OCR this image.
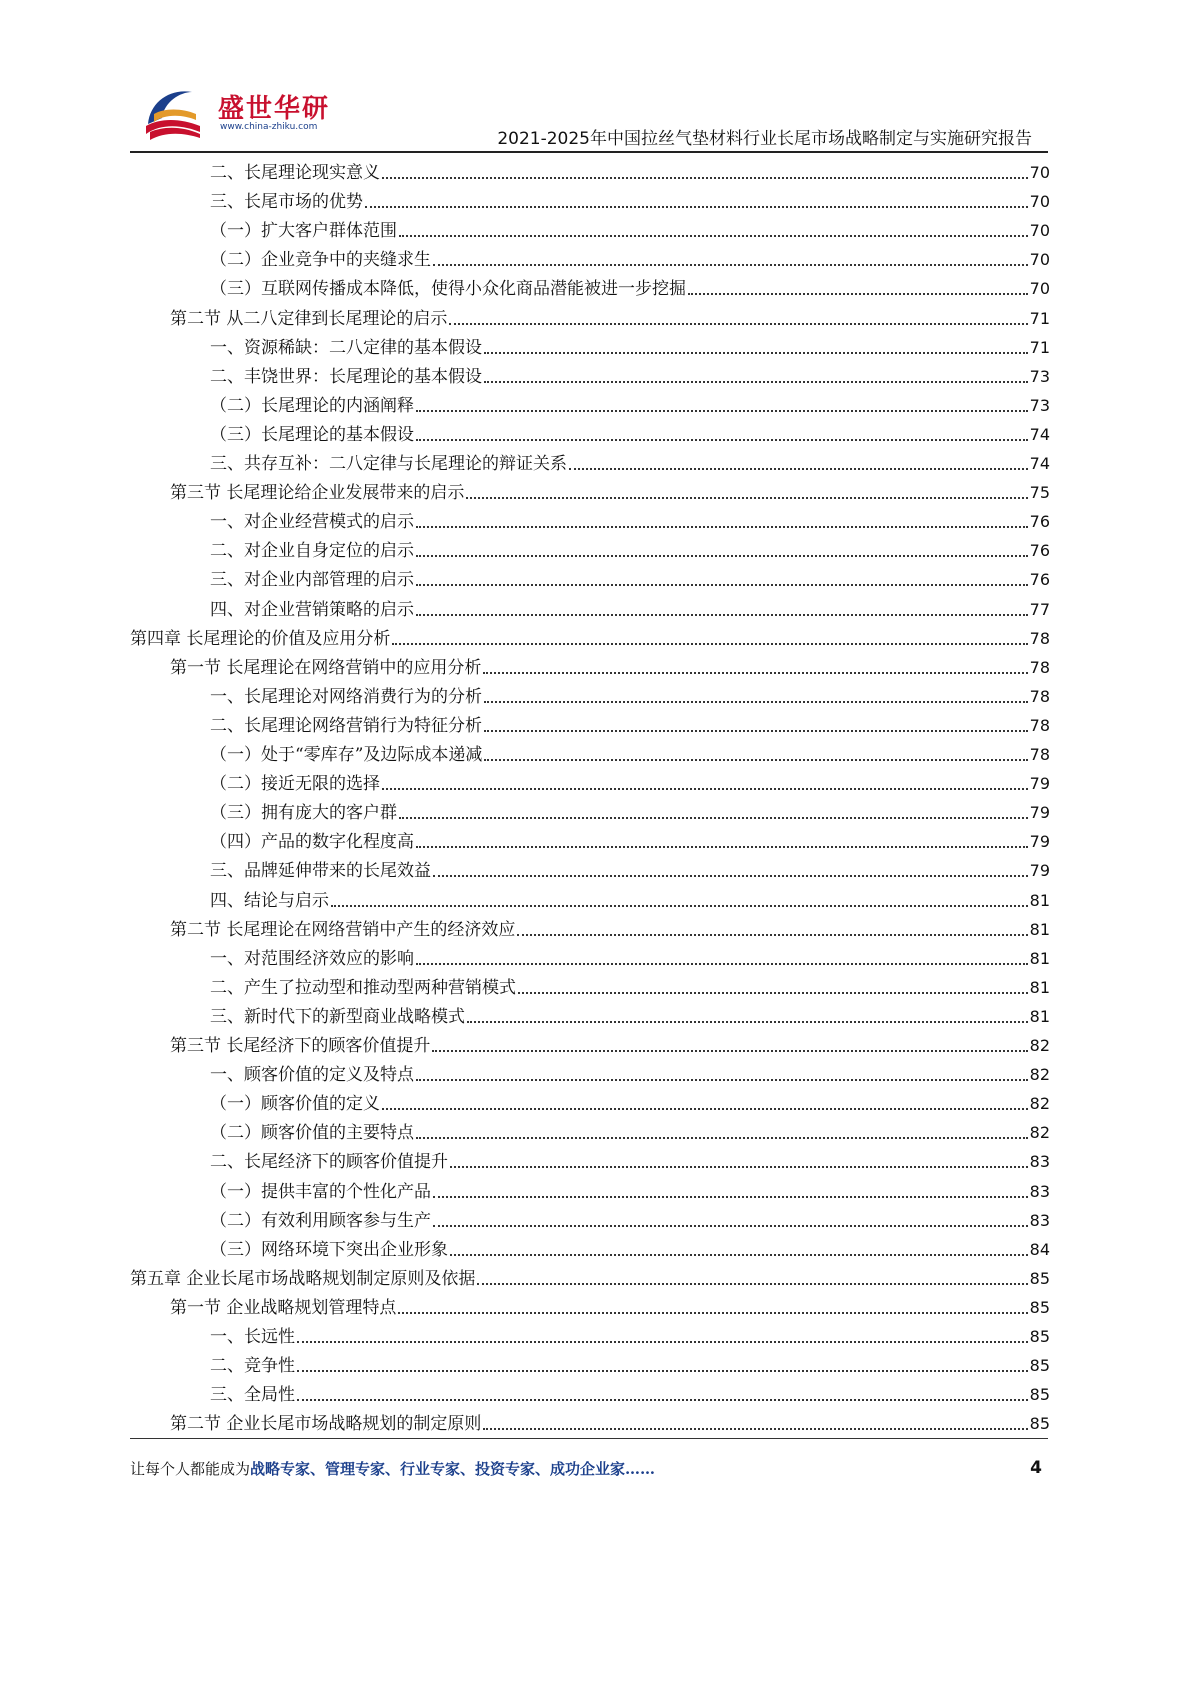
盛世华研
www.china-zhiku.com
2021-2025年中国拉丝气垫材料行业长尾市场战略制定与实施研究报告
二、长尾理论现实意义	70
三、长尾市场的优势	70
（一）扩大客户群体范围	70
（二）企业竞争中的夹缝求生	70
（三）互联网传播成本降低，使得小众化商品潜能被进一步挖掘	70
第二节 从二八定律到长尾理论的启示	71
一、资源稀缺：二八定律的基本假设	71
二、丰饶世界：长尾理论的基本假设	73
（二）长尾理论的内涵阐释	73
（三）长尾理论的基本假设	74
三、共存互补：二八定律与长尾理论的辩证关系	74
第三节 长尾理论给企业发展带来的启示	75
一、对企业经营模式的启示	76
二、对企业自身定位的启示	76
三、对企业内部管理的启示	76
四、对企业营销策略的启示	77
第四章 长尾理论的价值及应用分析	78
第一节 长尾理论在网络营销中的应用分析	78
一、长尾理论对网络消费行为的分析	78
二、长尾理论网络营销行为特征分析	78
（一）处于“零库存”及边际成本递减	78
（二）接近无限的选择	79
（三）拥有庞大的客户群	79
（四）产品的数字化程度高	79
三、品牌延伸带来的长尾效益	79
四、结论与启示	81
第二节 长尾理论在网络营销中产生的经济效应	81
一、对范围经济效应的影响	81
二、产生了拉动型和推动型两种营销模式	81
三、新时代下的新型商业战略模式	81
第三节 长尾经济下的顾客价值提升	82
一、顾客价值的定义及特点	82
（一）顾客价值的定义	82
（二）顾客价值的主要特点	82
二、长尾经济下的顾客价值提升	83
（一）提供丰富的个性化产品	83
（二）有效利用顾客参与生产	83
（三）网络环境下突出企业形象	84
第五章 企业长尾市场战略规划制定原则及依据	85
第一节 企业战略规划管理特点	85
一、长远性	85
二、竞争性	85
三、全局性	85
第二节 企业长尾市场战略规划的制定原则	85
让每个人都能成为战略专家、管理专家、行业专家、投资专家、成功企业家……	4
